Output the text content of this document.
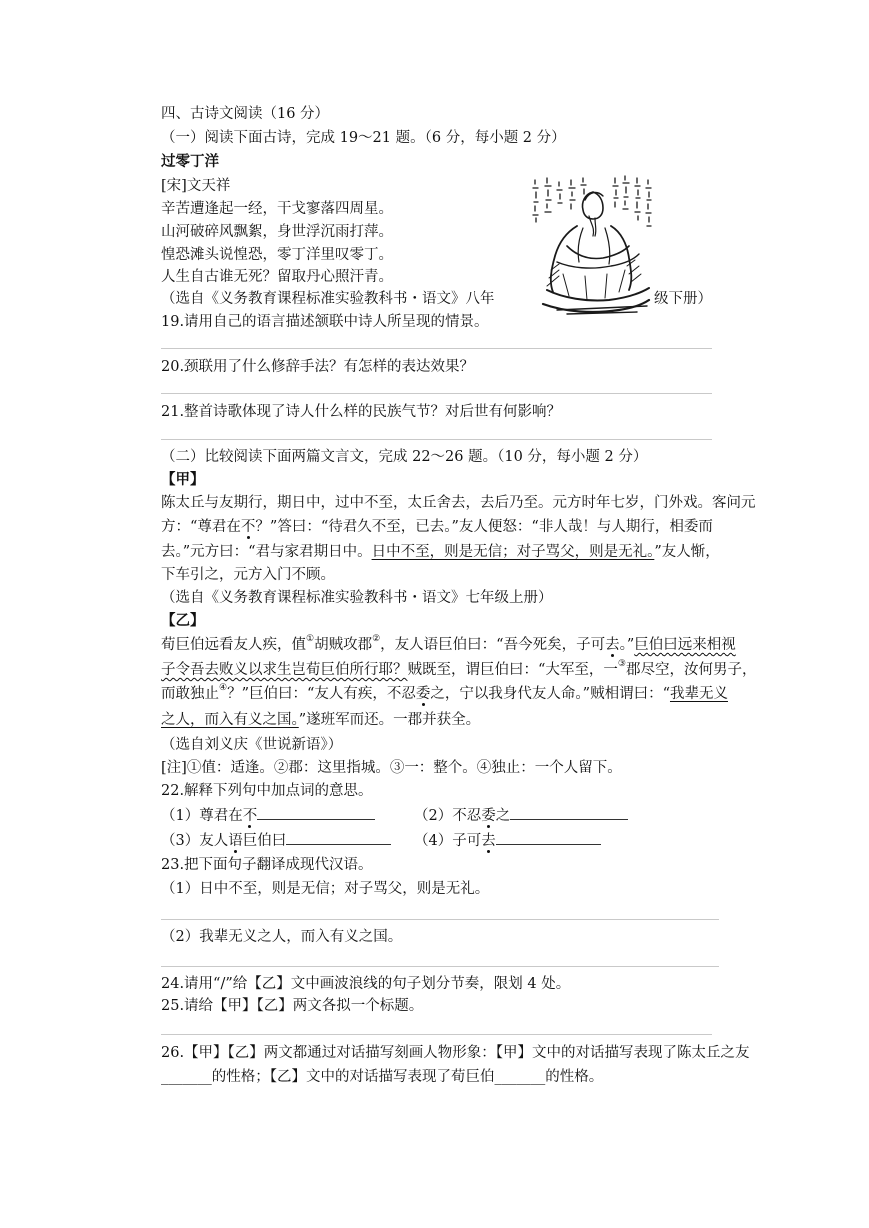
四、古诗文阅读（16 分）
（一）阅读下面古诗，完成 19～21 题。（6 分，每小题 2 分）
过零丁洋
[宋]文天祥
辛苦遭逢起一经，干戈寥落四周星。
山河破碎风飘絮，身世浮沉雨打萍。
惶恐滩头说惶恐，零丁洋里叹零丁。
人生自古谁无死？留取丹心照汗青。
（选自《义务教育课程标准实验教科书・语文》八年	级下册）
19.请用自己的语言描述颔联中诗人所呈现的情景。
20.颈联用了什么修辞手法？有怎样的表达效果？
21.整首诗歌体现了诗人什么样的民族气节？对后世有何影响？
（二）比较阅读下面两篇文言文，完成 22～26 题。（10 分，每小题 2 分）
【甲】
陈太丘与友期行，期日中，过中不至，太丘舍去，去后乃至。元方时年七岁，门外戏。客问元
方：“尊君在不？”答曰：“待君久不至，已去。”友人便怒：“非人哉！与人期行，相委而
去。”元方曰：“君与家君期日中。日中不至，则是无信；对子骂父，则是无礼。”友人惭，
下车引之，元方入门不顾。
（选自《义务教育课程标准实验教科书・语文》七年级上册）
【乙】
荀巨伯远看友人疾，值①胡贼攻郡②，友人语巨伯曰：“吾今死矣，子可去。”巨伯曰远来相视
子令吾去败义以求生岂荀巨伯所行耶？贼既至，谓巨伯曰：“大军至，一③郡尽空，汝何男子，
而敢独止④？”巨伯曰：“友人有疾，不忍委之，宁以我身代友人命。”贼相谓曰：“我辈无义
之人，而入有义之国。”遂班军而还。一郡并获全。
（选自刘义庆《世说新语》）
[注]①值：适逢。②郡：这里指城。③一：整个。④独止：一个人留下。
22.解释下列句中加点词的意思。
（1）尊君在不	（2）不忍委之
（3）友人语巨伯曰	（4）子可去
23.把下面句子翻译成现代汉语。
（1）日中不至，则是无信；对子骂父，则是无礼。
（2）我辈无义之人，而入有义之国。
24.请用“/”给【乙】文中画波浪线的句子划分节奏，限划 4 处。
25.请给【甲】【乙】两文各拟一个标题。
26.【甲】【乙】两文都通过对话描写刻画人物形象：【甲】文中的对话描写表现了陈太丘之友
_______的性格；【乙】文中的对话描写表现了荀巨伯_______的性格。
